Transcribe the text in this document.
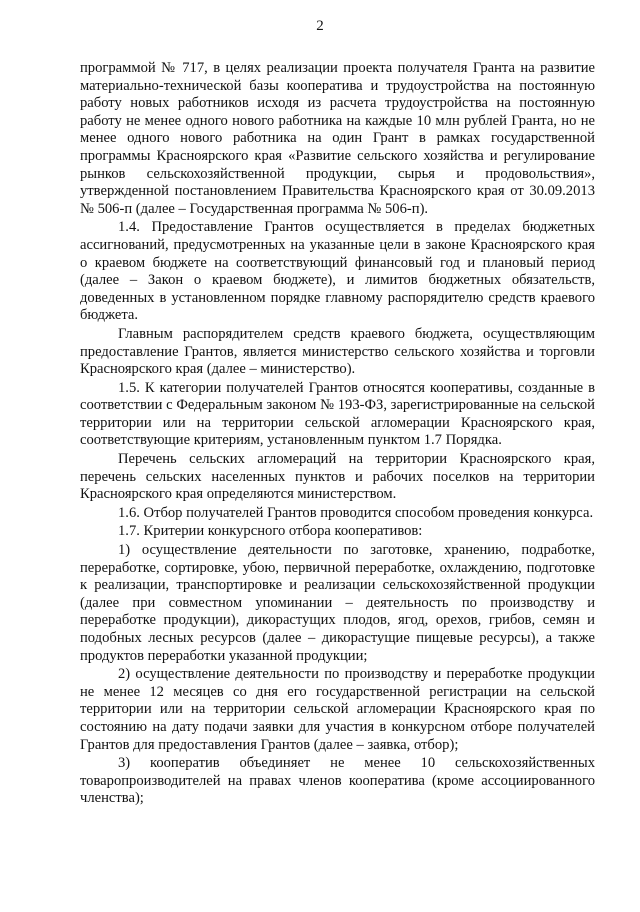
2

программой № 717, в целях реализации проекта получателя Гранта на развитие материально-технической базы кооператива и трудоустройства на постоянную работу новых работников исходя из расчета трудоустройства на постоянную работу не менее одного нового работника на каждые 10 млн рублей Гранта, но не менее одного нового работника на один Грант в рамках государственной программы Красноярского края «Развитие сельского хозяйства и регулирование рынков сельскохозяйственной продукции, сырья и продовольствия», утвержденной постановлением Правительства Красноярского края от 30.09.2013 № 506-п (далее – Государственная программа № 506-п).

1.4. Предоставление Грантов осуществляется в пределах бюджетных ассигнований, предусмотренных на указанные цели в законе Красноярского края о краевом бюджете на соответствующий финансовый год и плановый период (далее – Закон о краевом бюджете), и лимитов бюджетных обязательств, доведенных в установленном порядке главному распорядителю средств краевого бюджета.

Главным распорядителем средств краевого бюджета, осуществляющим предоставление Грантов, является министерство сельского хозяйства и торговли Красноярского края (далее – министерство).

1.5. К категории получателей Грантов относятся кооперативы, созданные в соответствии с Федеральным законом № 193-ФЗ, зарегистрированные на сельской территории или на территории сельской агломерации Красноярского края, соответствующие критериям, установленным пунктом 1.7 Порядка.

Перечень сельских агломераций на территории Красноярского края, перечень сельских населенных пунктов и рабочих поселков на территории Красноярского края определяются министерством.

1.6. Отбор получателей Грантов проводится способом проведения конкурса.

1.7. Критерии конкурсного отбора кооперативов:

1) осуществление деятельности по заготовке, хранению, подработке, переработке, сортировке, убою, первичной переработке, охлаждению, подготовке к реализации, транспортировке и реализации сельскохозяйственной продукции (далее при совместном упоминании – деятельность по производству и переработке продукции), дикорастущих плодов, ягод, орехов, грибов, семян и подобных лесных ресурсов (далее – дикорастущие пищевые ресурсы), а также продуктов переработки указанной продукции;

2) осуществление деятельности по производству и переработке продукции не менее 12 месяцев со дня его государственной регистрации на сельской территории или на территории сельской агломерации Красноярского края по состоянию на дату подачи заявки для участия в конкурсном отборе получателей Грантов для предоставления Грантов (далее – заявка, отбор);

3) кооператив объединяет не менее 10 сельскохозяйственных товаропроизводителей на правах членов кооператива (кроме ассоциированного членства);
